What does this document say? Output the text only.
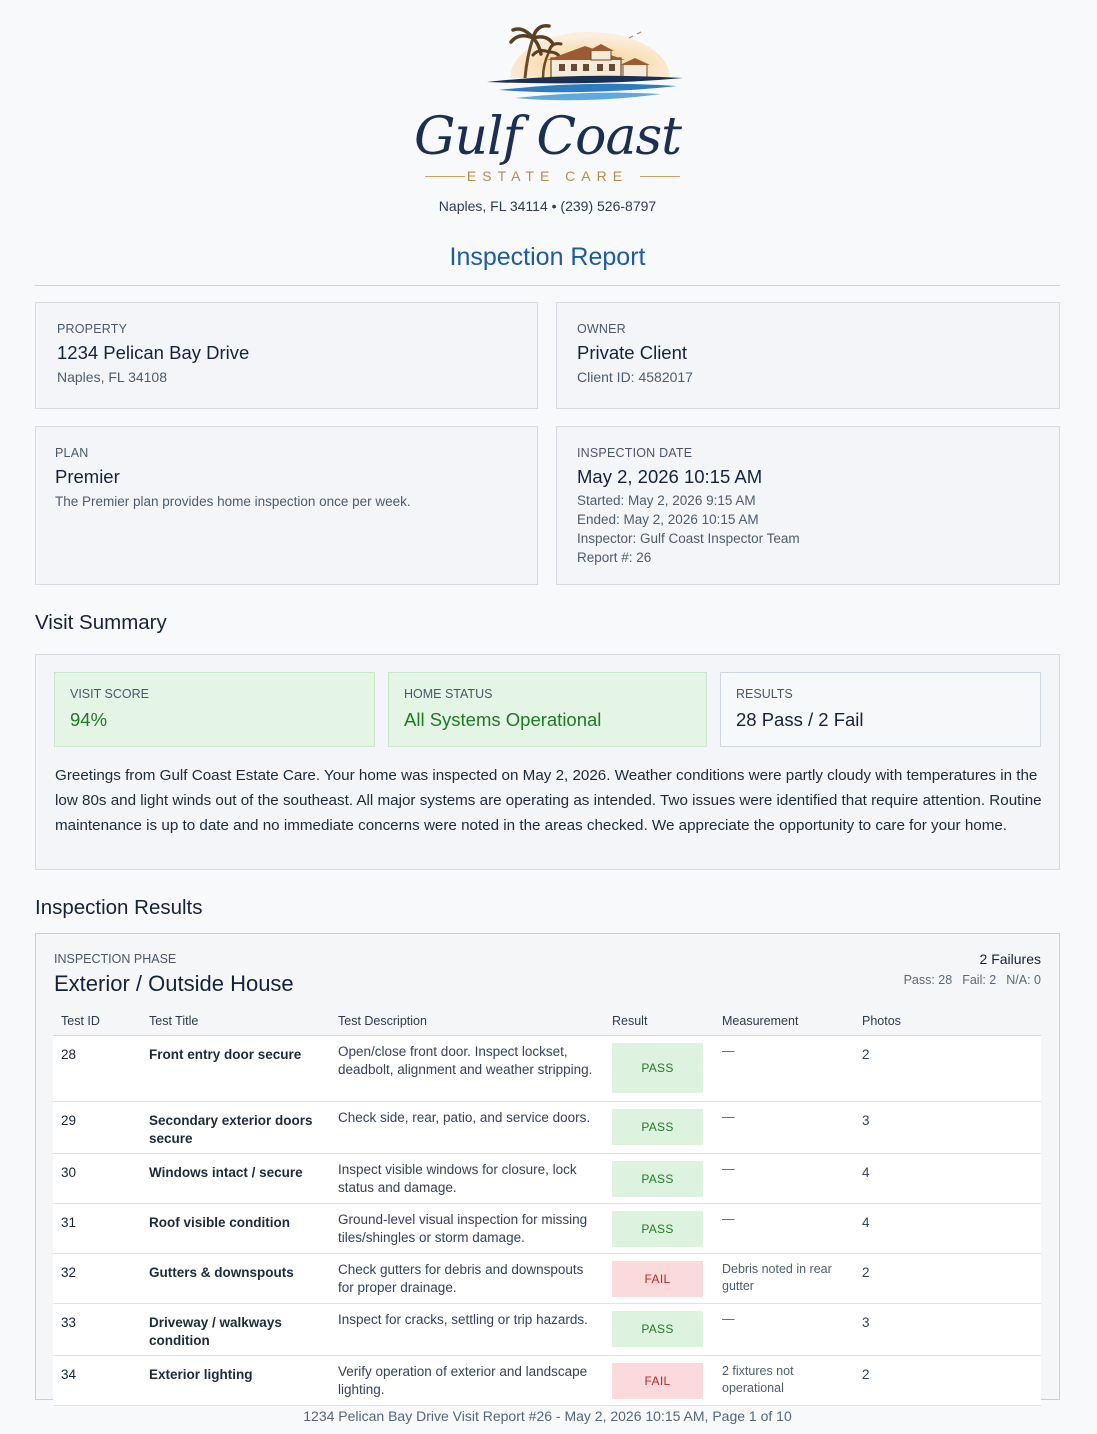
Gulf Coast
ESTATE CARE
Naples, FL 34114 • (239) 526-8797
Inspection Report
PROPERTY
1234 Pelican Bay Drive
Naples, FL 34108
OWNER
Private Client
Client ID: 4582017
PLAN
Premier
The Premier plan provides home inspection once per week.
INSPECTION DATE
May 2, 2026 10:15 AM
Started: May 2, 2026 9:15 AM
Ended: May 2, 2026 10:15 AM
Inspector: Gulf Coast Inspector Team
Report #: 26
Visit Summary
VISIT SCORE
94%
HOME STATUS
All Systems Operational
RESULTS
28 Pass / 2 Fail
Greetings from Gulf Coast Estate Care. Your home was inspected on May 2, 2026. Weather conditions were partly cloudy with temperatures in the low 80s and light winds out of the southeast. All major systems are operating as intended. Two issues were identified that require attention. Routine maintenance is up to date and no immediate concerns were noted in the areas checked. We appreciate the opportunity to care for your home.
Inspection Results
INSPECTION PHASE
Exterior / Outside House
2 Failures
Pass: 28 Fail: 2 N/A: 0
Test ID	Test Title	Test Description	Result	Measurement	Photos
28	Front entry door secure	Open/close front door. Inspect lockset, deadbolt, alignment and weather stripping.	PASS	—	2
29	Secondary exterior doors secure	Check side, rear, patio, and service doors.	PASS	—	3
30	Windows intact / secure	Inspect visible windows for closure, lock status and damage.	PASS	—	4
31	Roof visible condition	Ground-level visual inspection for missing tiles/shingles or storm damage.	PASS	—	4
32	Gutters & downspouts	Check gutters for debris and downspouts for proper drainage.	FAIL	Debris noted in rear gutter	2
33	Driveway / walkways condition	Inspect for cracks, settling or trip hazards.	PASS	—	3
34	Exterior lighting	Verify operation of exterior and landscape lighting.	FAIL	2 fixtures not operational	2
1234 Pelican Bay Drive Visit Report #26 - May 2, 2026 10:15 AM, Page 1 of 10
